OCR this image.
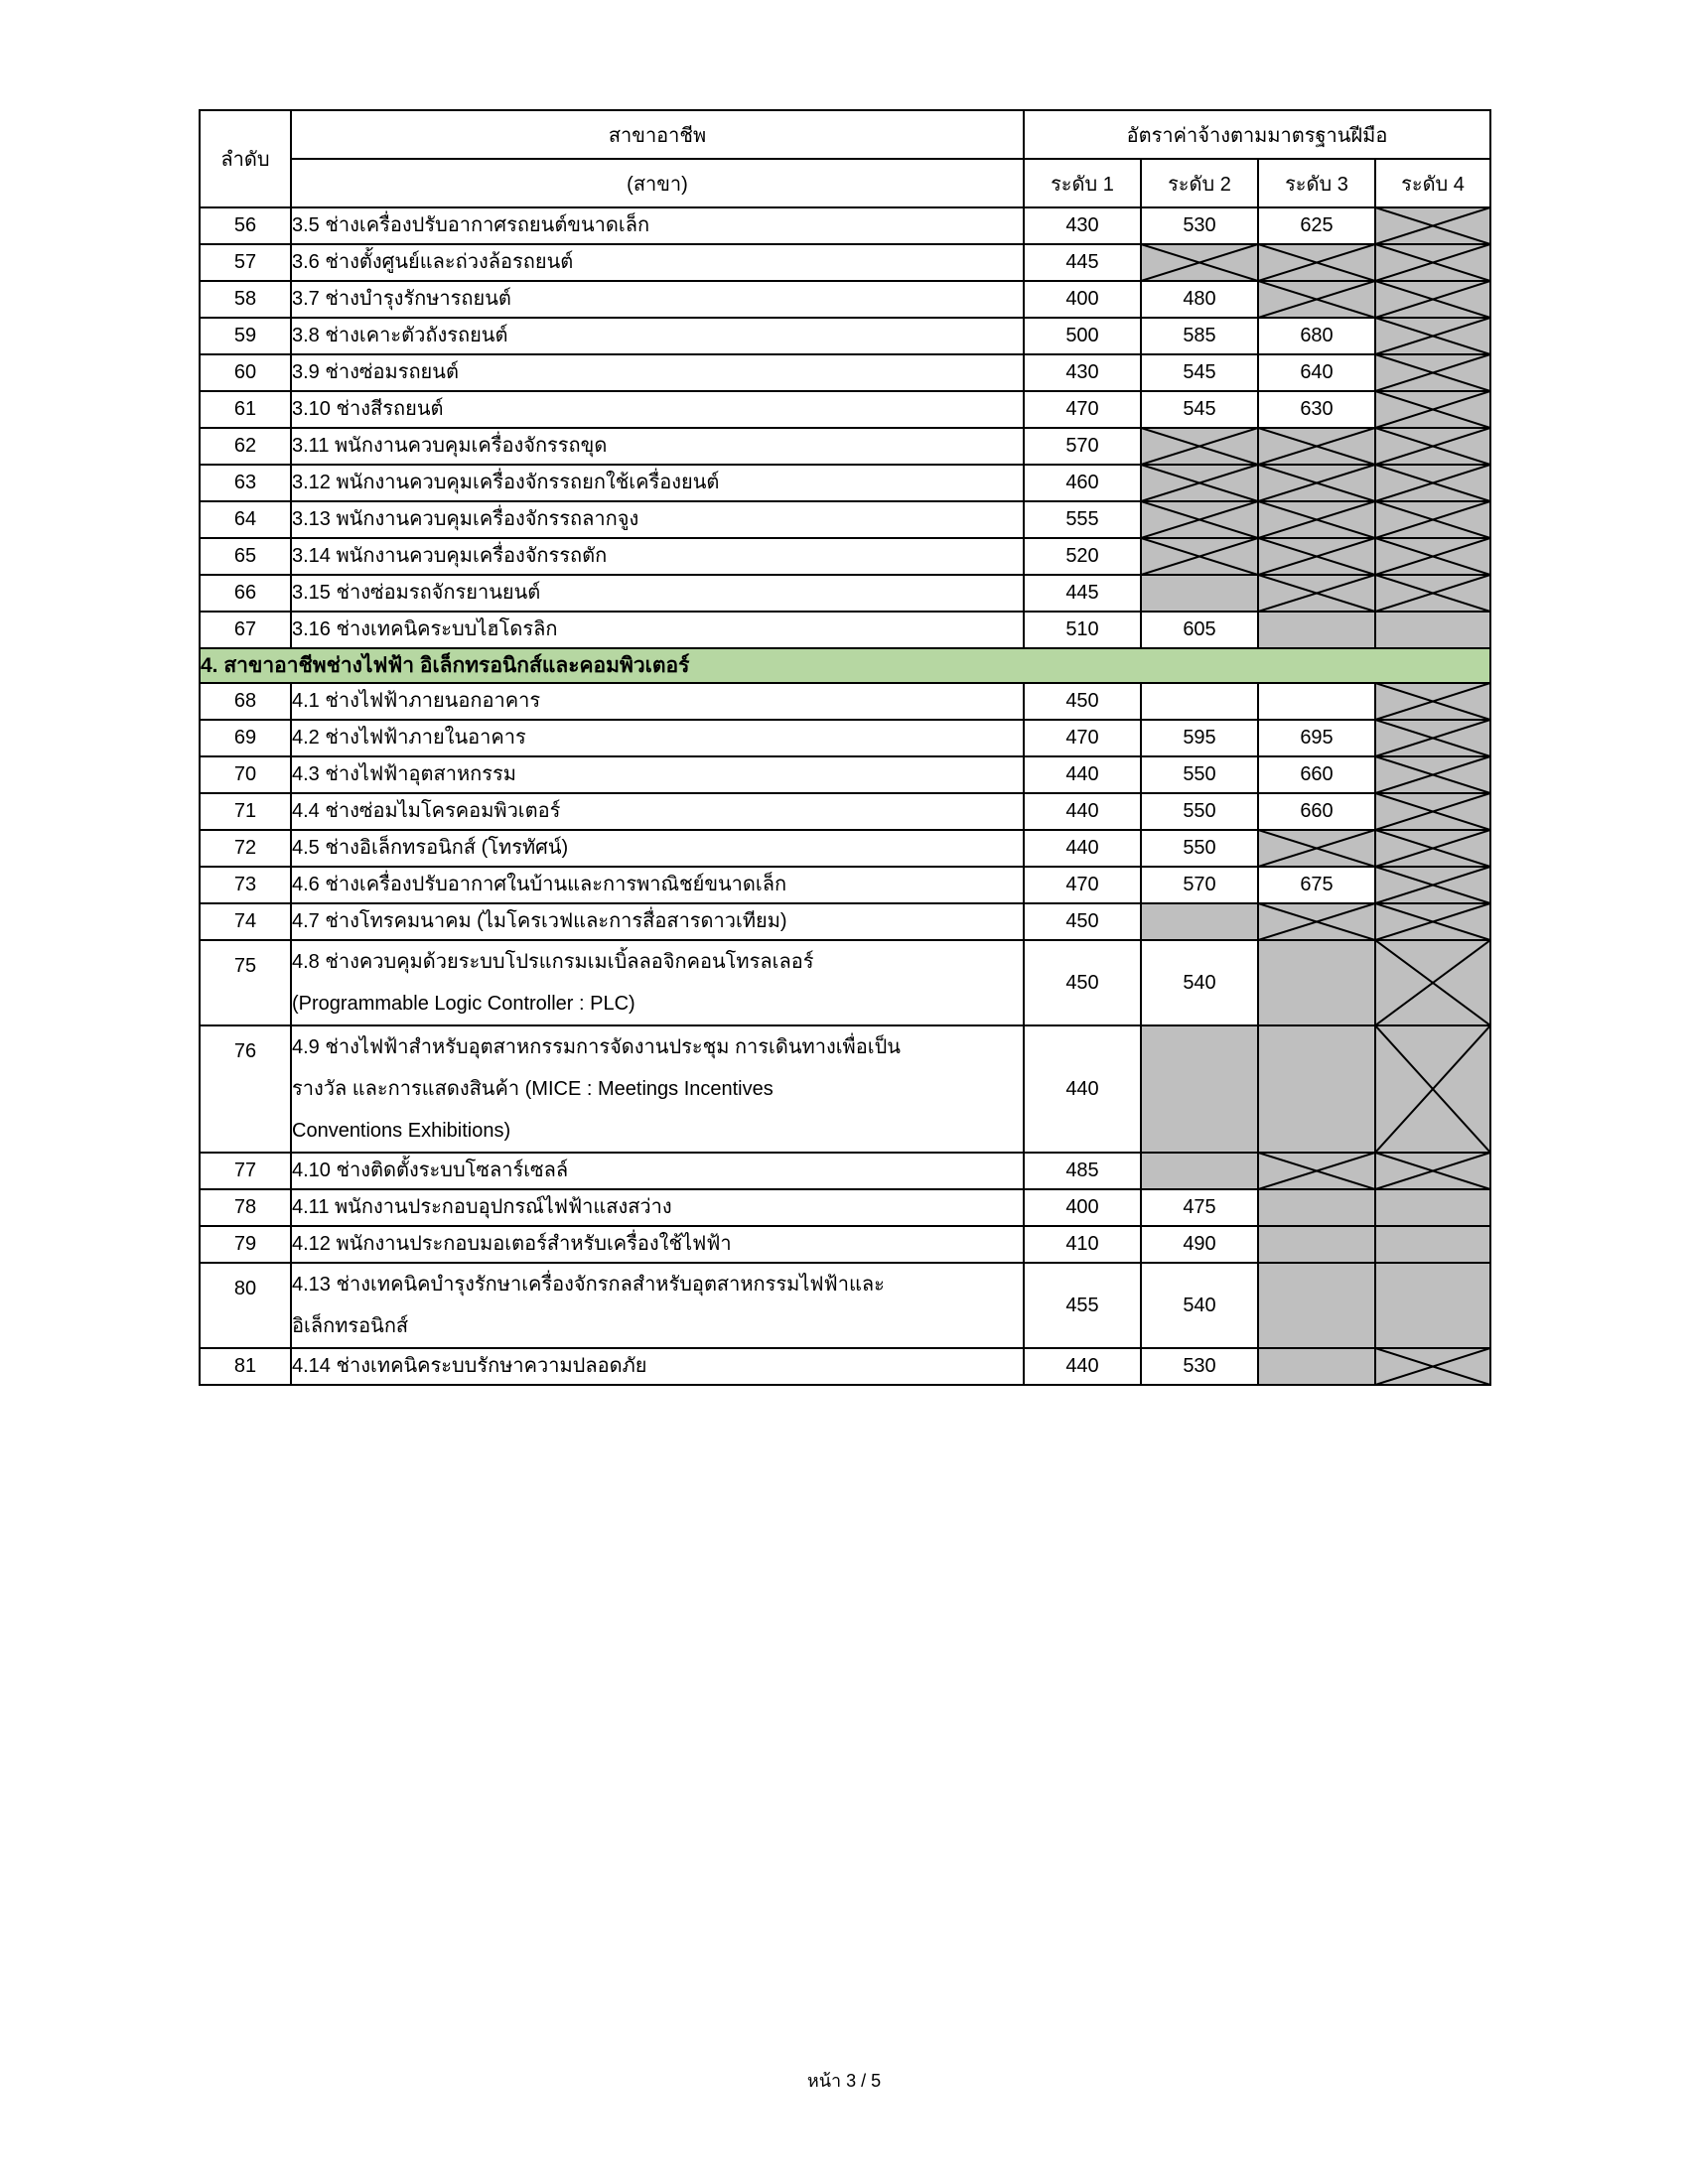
ลำดับ	สาขาอาชีพ	อัตราค่าจ้างตามมาตรฐานฝีมือ			
	(สาขา)	ระดับ 1	ระดับ 2	ระดับ 3	ระดับ 4
56	3.5 ช่างเครื่องปรับอากาศรถยนต์ขนาดเล็ก	430	530	625	

57	3.6 ช่างตั้งศูนย์และถ่วงล้อรถยนต์	445	

58	3.7 ช่างบำรุงรักษารถยนต์	400	480	

59	3.8 ช่างเคาะตัวถังรถยนต์	500	585	680	

60	3.9 ช่างซ่อมรถยนต์	430	545	640	

61	3.10 ช่างสีรถยนต์	470	545	630	

62	3.11 พนักงานควบคุมเครื่องจักรรถขุด	570	

63	3.12 พนักงานควบคุมเครื่องจักรรถยกใช้เครื่องยนต์	460	

64	3.13 พนักงานควบคุมเครื่องจักรรถลากจูง	555	

65	3.14 พนักงานควบคุมเครื่องจักรรถตัก	520	

66	3.15 ช่างซ่อมรถจักรยานยนต์	445		

67	3.16 ช่างเทคนิคระบบไฮโดรลิก	510	605		
4. สาขาอาชีพช่างไฟฟ้า อิเล็กทรอนิกส์และคอมพิวเตอร์					
68	4.1 ช่างไฟฟ้าภายนอกอาคาร	450			

69	4.2 ช่างไฟฟ้าภายในอาคาร	470	595	695	

70	4.3 ช่างไฟฟ้าอุตสาหกรรม	440	550	660	

71	4.4 ช่างซ่อมไมโครคอมพิวเตอร์	440	550	660	

72	4.5 ช่างอิเล็กทรอนิกส์ (โทรทัศน์)	440	550	

73	4.6 ช่างเครื่องปรับอากาศในบ้านและการพาณิชย์ขนาดเล็ก	470	570	675	

74	4.7 ช่างโทรคมนาคม (ไมโครเวฟและการสื่อสารดาวเทียม)	450		

75	4.8 ช่างควบคุมด้วยระบบโปรแกรมเมเบิ้ลลอจิกคอนโทรลเลอร์
(Programmable Logic Controller : PLC)	450	540		

76	4.9 ช่างไฟฟ้าสำหรับอุตสาหกรรมการจัดงานประชุม การเดินทางเพื่อเป็น
รางวัล และการแสดงสินค้า (MICE : Meetings Incentives
Conventions Exhibitions)	440			

77	4.10 ช่างติดตั้งระบบโซลาร์เซลล์	485		

78	4.11 พนักงานประกอบอุปกรณ์ไฟฟ้าแสงสว่าง	400	475		
79	4.12 พนักงานประกอบมอเตอร์สำหรับเครื่องใช้ไฟฟ้า	410	490		
80	4.13 ช่างเทคนิคบำรุงรักษาเครื่องจักรกลสำหรับอุตสาหกรรมไฟฟ้าและ
อิเล็กทรอนิกส์	455	540		
81	4.14 ช่างเทคนิคระบบรักษาความปลอดภัย	440	530		
หน้า 3 / 5
